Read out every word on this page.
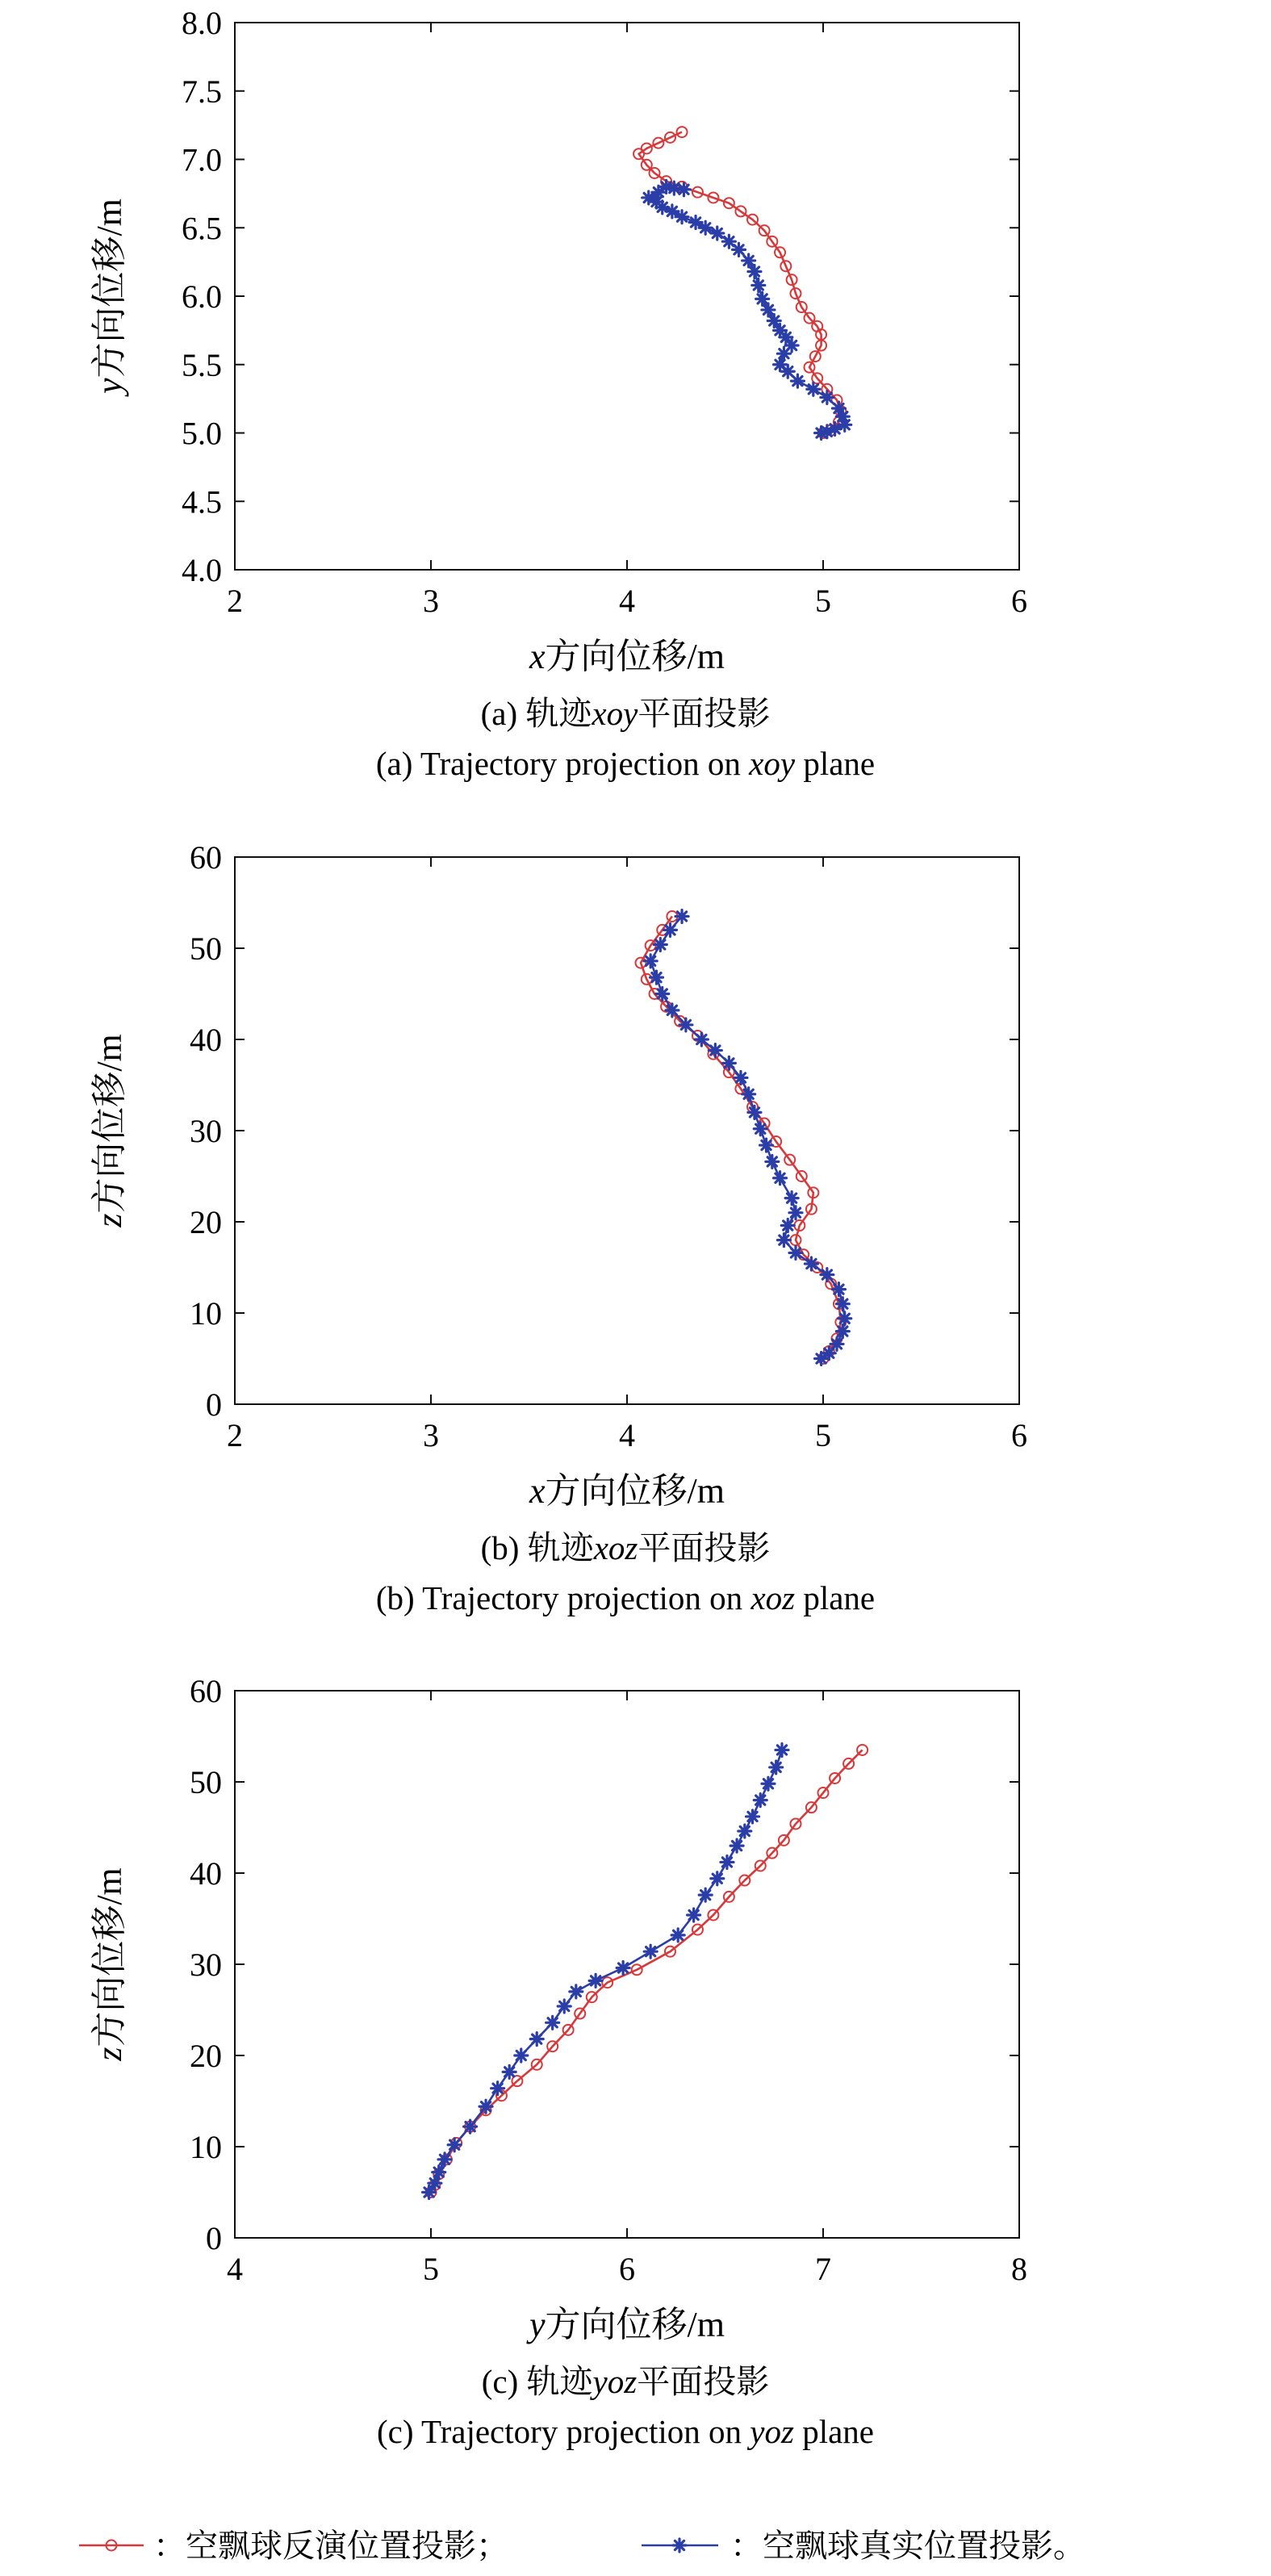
2	3	4	5	6
4.0
4.5
5.0
5.5
6.0
6.5
7.0
7.5
8.0
x方向位移/m
y方向位移/m
(a) 轨迹xoy平面投影
(a) Trajectory projection on xoy plane
2	3	4	5	6
0
10
20
30
40
50
60
x方向位移/m
z方向位移/m
(b) 轨迹xoz平面投影
(b) Trajectory projection on xoz plane
4	5	6	7	8
0
10
20
30
40
50
60
y方向位移/m
z方向位移/m
(c) 轨迹yoz平面投影
(c) Trajectory projection on yoz plane
：空飘球反演位置投影；	：空飘球真实位置投影。
